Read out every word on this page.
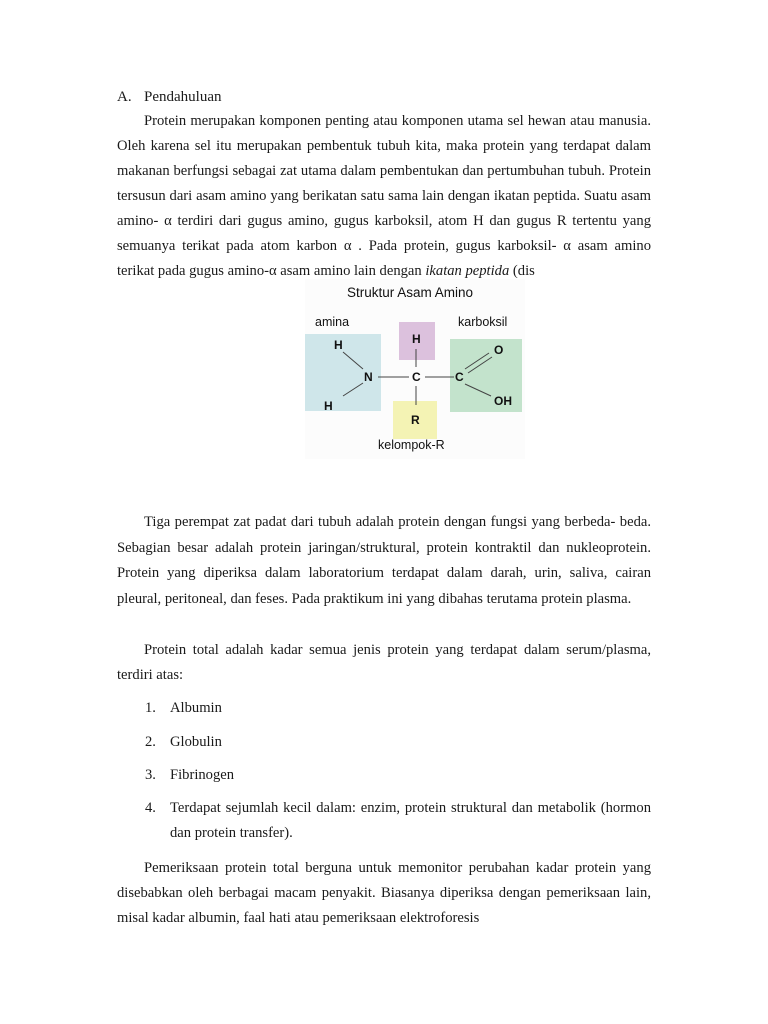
A. Pendahuluan

Protein merupakan komponen penting atau komponen utama sel hewan atau manusia. Oleh karena sel itu merupakan pembentuk tubuh kita, maka protein yang terdapat dalam makanan berfungsi sebagai zat utama dalam pembentukan dan pertumbuhan tubuh. Protein tersusun dari asam amino yang berikatan satu sama lain dengan ikatan peptida. Suatu asam amino- α terdiri dari gugus amino, gugus karboksil, atom H dan gugus R tertentu yang semuanya terikat pada atom karbon α . Pada protein, gugus karboksil- α asam amino terikat pada gugus amino-α asam amino lain dengan ikatan peptida (dis

Struktur Asam Amino
amina	karboksil
kelompok-R
H
H
N	C
H
R
C
O
OH

Tiga perempat zat padat dari tubuh adalah protein dengan fungsi yang berbeda- beda. Sebagian besar adalah protein jaringan/struktural, protein kontraktil dan nukleoprotein. Protein yang diperiksa dalam laboratorium terdapat dalam darah, urin, saliva, cairan pleural, peritoneal, dan feses. Pada praktikum ini yang dibahas terutama protein plasma.

Protein total adalah kadar semua jenis protein yang terdapat dalam serum/plasma, terdiri atas:

1. Albumin
2. Globulin
3. Fibrinogen
4. Terdapat sejumlah kecil dalam: enzim, protein struktural dan metabolik (hormon dan protein transfer).

Pemeriksaan protein total berguna untuk memonitor perubahan kadar protein yang disebabkan oleh berbagai macam penyakit. Biasanya diperiksa dengan pemeriksaan lain, misal kadar albumin, faal hati atau pemeriksaan elektroforesis
